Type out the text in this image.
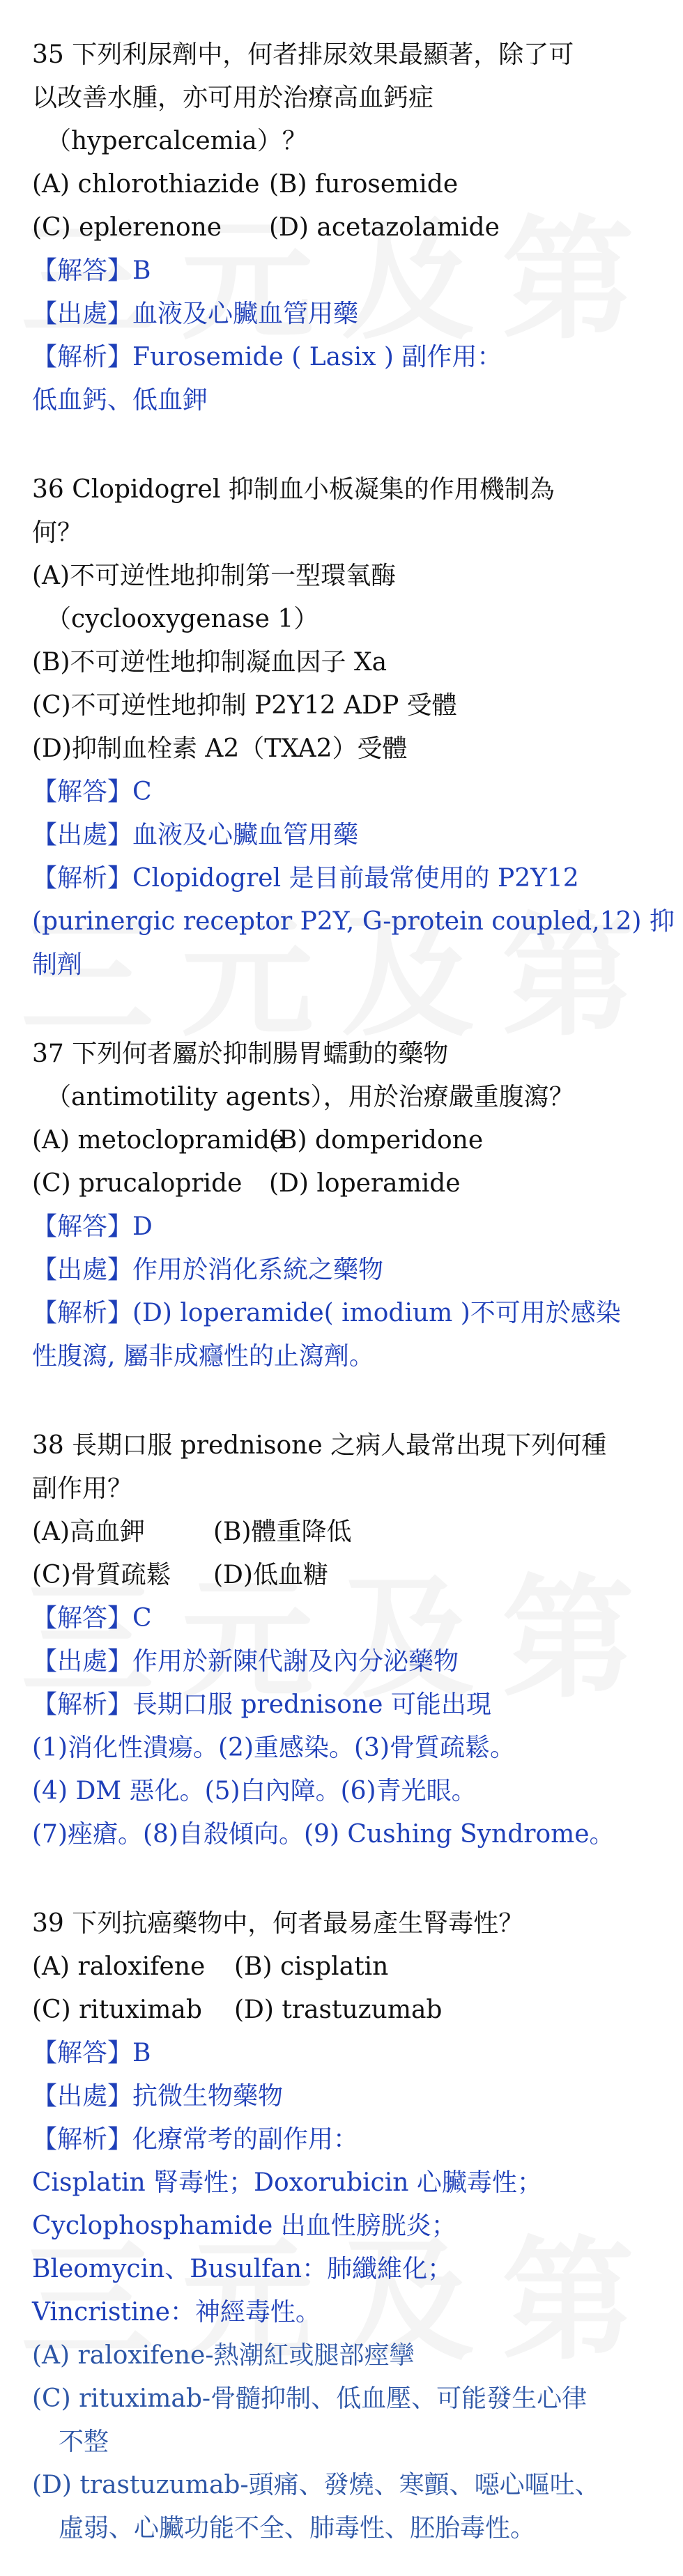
35 下列利尿劑中，何者排尿效果最顯著，除了可
以改善水腫，亦可用於治療高血鈣症
（hypercalcemia）？
(A) chlorothiazide (B) furosemide
(C) eplerenone (D) acetazolamide
【解答】B
【出處】血液及心臟血管用藥
【解析】Furosemide ( Lasix ) 副作用：
低血鈣、低血鉀
36 Clopidogrel 抑制血小板凝集的作用機制為
何？
(A)不可逆性地抑制第一型環氧酶
（cyclooxygenase 1）
(B)不可逆性地抑制凝血因子 Xa
(C)不可逆性地抑制 P2Y12 ADP 受體
(D)抑制血栓素 A2（TXA2）受體
【解答】C
【出處】血液及心臟血管用藥
【解析】Clopidogrel 是目前最常使用的 P2Y12
(purinergic receptor P2Y, G-protein coupled,12) 抑
制劑
37 下列何者屬於抑制腸胃蠕動的藥物
（antimotility agents），用於治療嚴重腹瀉？
(A) metoclopramide(B) domperidone
(C) prucalopride (D) loperamide
【解答】D
【出處】作用於消化系統之藥物
【解析】(D) loperamide( imodium )不可用於感染
性腹瀉, 屬非成癮性的止瀉劑。
38 長期口服 prednisone 之病人最常出現下列何種
副作用？
(A)高血鉀	(B)體重降低
(C)骨質疏鬆 (D)低血糖
【解答】C
【出處】作用於新陳代謝及內分泌藥物
【解析】長期口服 prednisone 可能出現
(1)消化性潰瘍。(2)重感染。(3)骨質疏鬆。
(4) DM 惡化。(5)白內障。(6)青光眼。
(7)痤瘡。(8)自殺傾向。(9) Cushing Syndrome。
39 下列抗癌藥物中，何者最易產生腎毒性？
(A) raloxifene (B) cisplatin
(C) rituximab (D) trastuzumab
【解答】B
【出處】抗微生物藥物
【解析】化療常考的副作用：
Cisplatin 腎毒性；Doxorubicin 心臟毒性；
Cyclophosphamide 出血性膀胱炎；
Bleomycin、Busulfan：肺纖維化；
Vincristine：神經毒性。
(A) raloxifene-熱潮紅或腿部痙攣
(C) rituximab-骨髓抑制、低血壓、可能發生心律
不整
(D) trastuzumab-頭痛、發燒、寒顫、噁心嘔吐、
虛弱、心臟功能不全、肺毒性、胚胎毒性。
